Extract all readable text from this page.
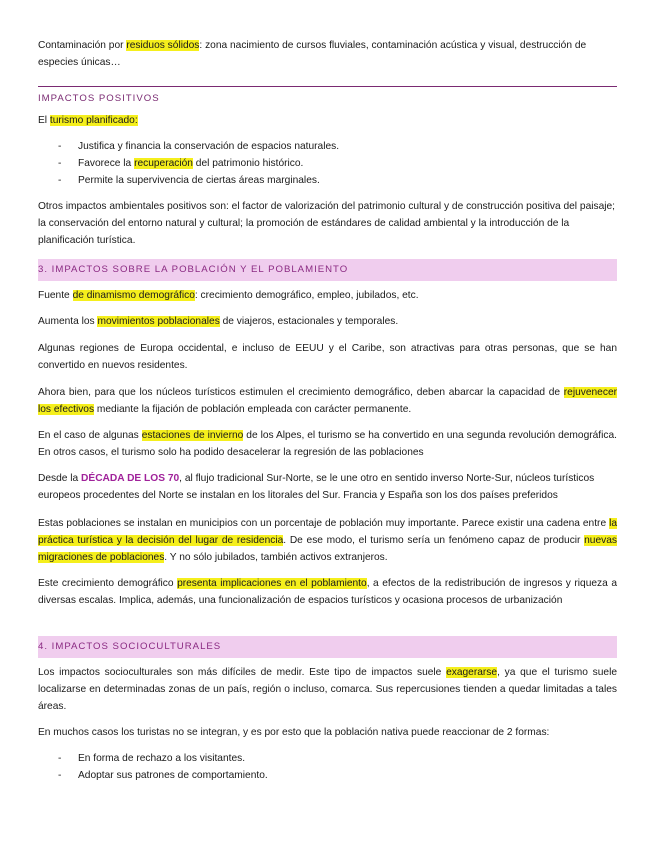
Contaminación por residuos sólidos: zona nacimiento de cursos fluviales, contaminación acústica y visual, destrucción de especies únicas…

IMPACTOS POSITIVOS

El turismo planificado:

- Justifica y financia la conservación de espacios naturales.
- Favorece la recuperación del patrimonio histórico.
- Permite la supervivencia de ciertas áreas marginales.

Otros impactos ambientales positivos son: el factor de valorización del patrimonio cultural y de construcción positiva del paisaje; la conservación del entorno natural y cultural; la promoción de estándares de calidad ambiental y la introducción de la planificación turística.

3. IMPACTOS SOBRE LA POBLACIÓN Y EL POBLAMIENTO

Fuente de dinamismo demográfico: crecimiento demográfico, empleo, jubilados, etc.

Aumenta los movimientos poblacionales de viajeros, estacionales y temporales.

Algunas regiones de Europa occidental, e incluso de EEUU y el Caribe, son atractivas para otras personas, que se han convertido en nuevos residentes.

Ahora bien, para que los núcleos turísticos estimulen el crecimiento demográfico, deben abarcar la capacidad de rejuvenecer los efectivos mediante la fijación de población empleada con carácter permanente.

En el caso de algunas estaciones de invierno de los Alpes, el turismo se ha convertido en una segunda revolución demográfica. En otros casos, el turismo solo ha podido desacelerar la regresión de las poblaciones

Desde la DÉCADA DE LOS 70, al flujo tradicional Sur-Norte, se le une otro en sentido inverso Norte-Sur, núcleos turísticos europeos procedentes del Norte se instalan en los litorales del Sur. Francia y España son los dos países preferidos

Estas poblaciones se instalan en municipios con un porcentaje de población muy importante. Parece existir una cadena entre la práctica turística y la decisión del lugar de residencia. De ese modo, el turismo sería un fenómeno capaz de producir nuevas migraciones de poblaciones. Y no sólo jubilados, también activos extranjeros.

Este crecimiento demográfico presenta implicaciones en el poblamiento, a efectos de la redistribución de ingresos y riqueza a diversas escalas. Implica, además, una funcionalización de espacios turísticos y ocasiona procesos de urbanización

4. IMPACTOS SOCIOCULTURALES

Los impactos socioculturales son más difíciles de medir. Este tipo de impactos suele exagerarse, ya que el turismo suele localizarse en determinadas zonas de un país, región o incluso, comarca. Sus repercusiones tienden a quedar limitadas a tales áreas.

En muchos casos los turistas no se integran, y es por esto que la población nativa puede reaccionar de 2 formas:

- En forma de rechazo a los visitantes.
- Adoptar sus patrones de comportamiento.
